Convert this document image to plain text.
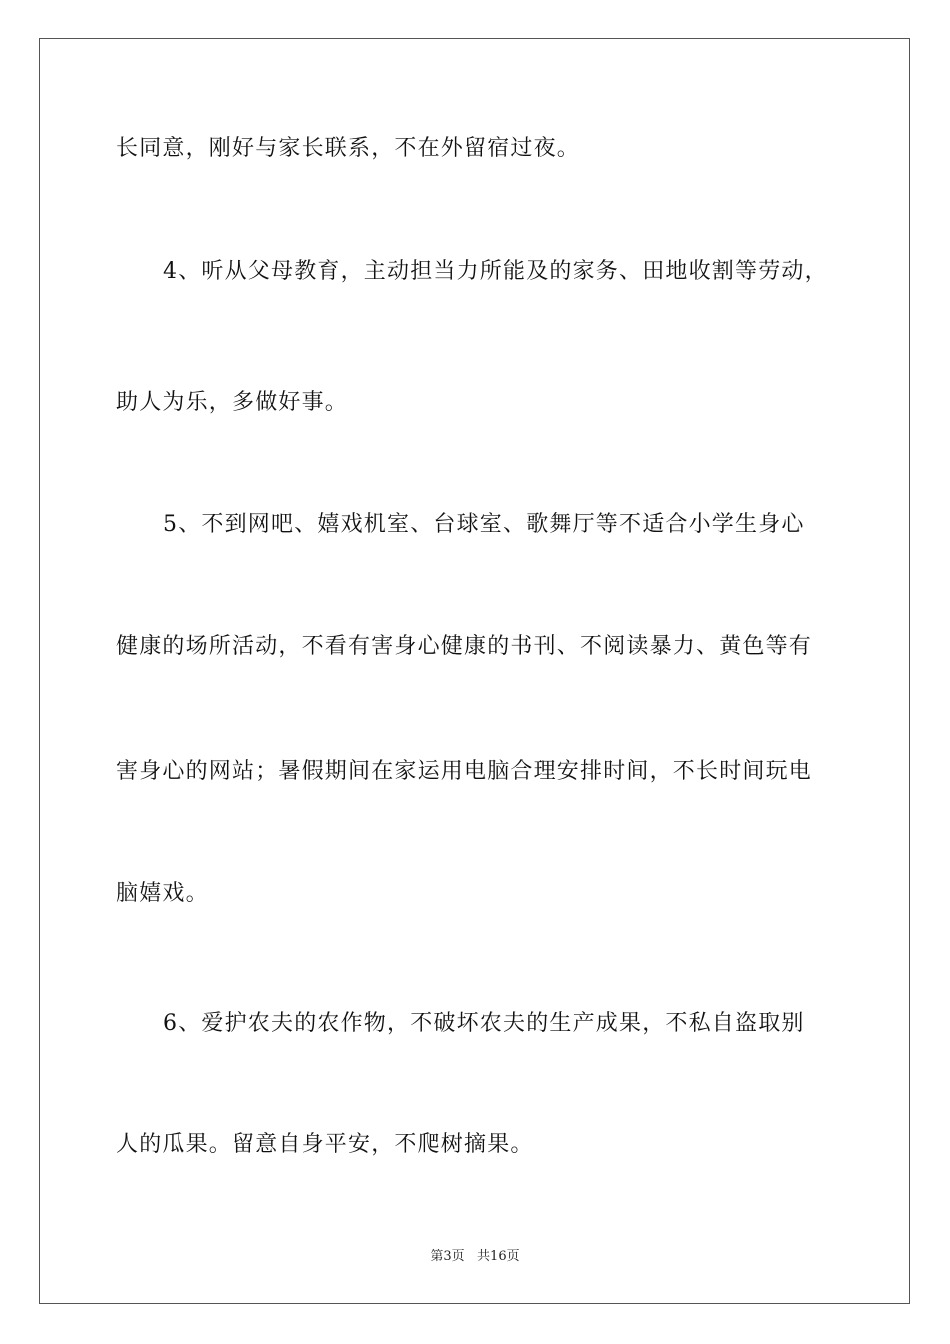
长同意，刚好与家长联系，不在外留宿过夜。
4、听从父母教育，主动担当力所能及的家务、田地收割等劳动，
助人为乐，多做好事。
5、不到网吧、嬉戏机室、台球室、歌舞厅等不适合小学生身心
健康的场所活动，不看有害身心健康的书刊、不阅读暴力、黄色等有
害身心的网站；暑假期间在家运用电脑合理安排时间，不长时间玩电
脑嬉戏。
6、爱护农夫的农作物，不破坏农夫的生产成果，不私自盗取别
人的瓜果。留意自身平安，不爬树摘果。
第3页   共16页
